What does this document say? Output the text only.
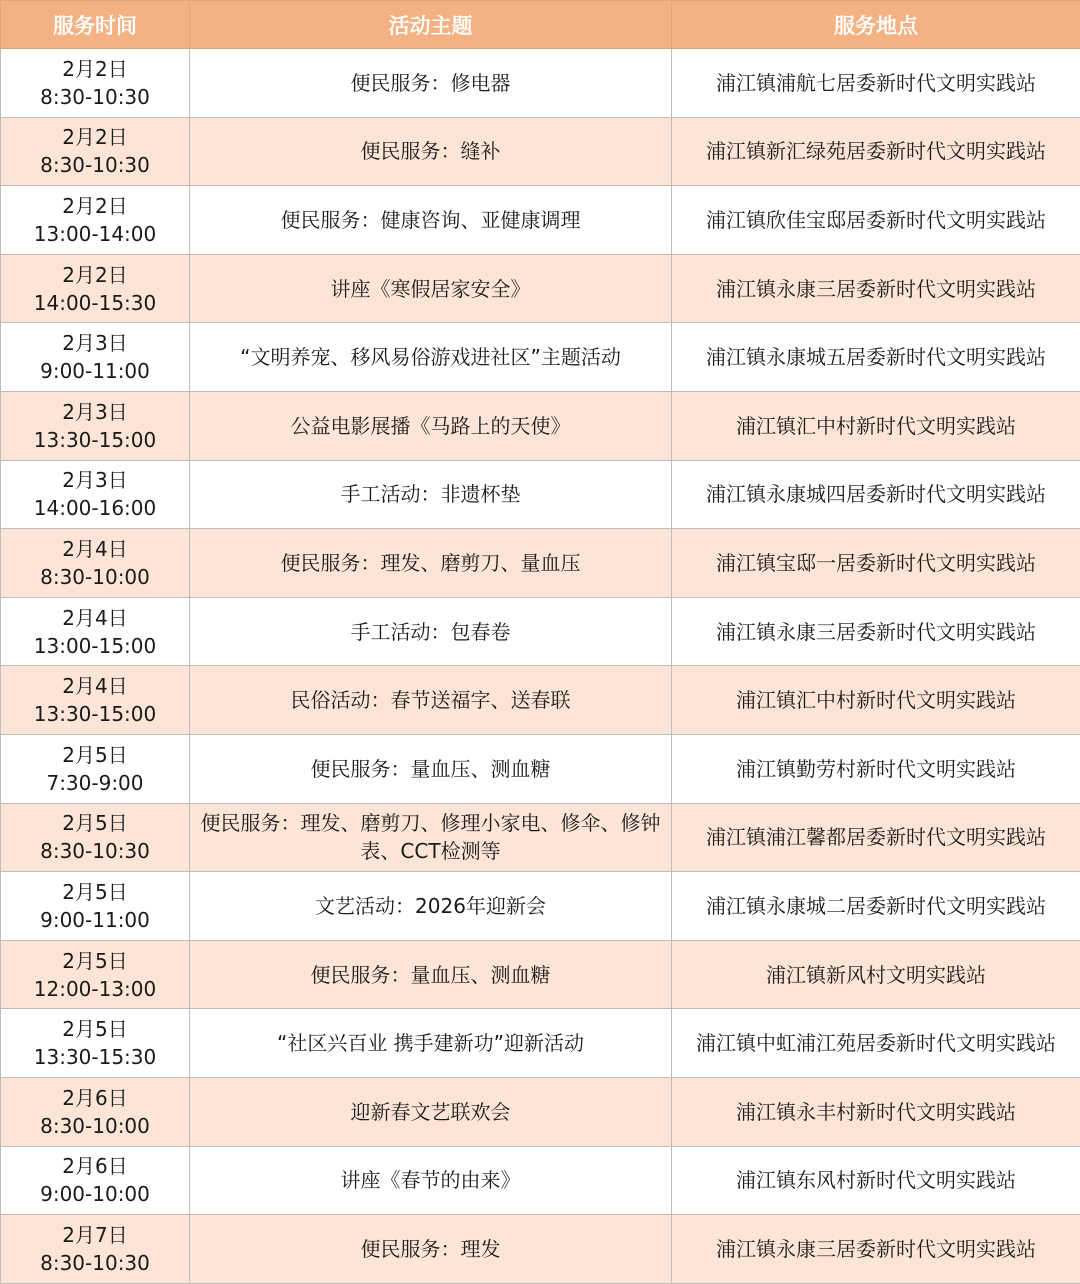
服务时间	活动主题	服务地点

2月2日
8:30-10:30	便民服务：修电器	浦江镇浦航七居委新时代文明实践站

2月2日
8:30-10:30	便民服务：缝补	浦江镇新汇绿苑居委新时代文明实践站

2月2日
13:00-14:00	便民服务：健康咨询、亚健康调理	浦江镇欣佳宝邸居委新时代文明实践站

2月2日
14:00-15:30	讲座《寒假居家安全》	浦江镇永康三居委新时代文明实践站

2月3日
9:00-11:00	“文明养宠、移风易俗游戏进社区”主题活动	浦江镇永康城五居委新时代文明实践站

2月3日
13:30-15:00	公益电影展播《马路上的天使》	浦江镇汇中村新时代文明实践站

2月3日
14:00-16:00	手工活动：非遗杯垫	浦江镇永康城四居委新时代文明实践站

2月4日
8:30-10:00	便民服务：理发、磨剪刀、量血压	浦江镇宝邸一居委新时代文明实践站

2月4日
13:00-15:00	手工活动：包春卷	浦江镇永康三居委新时代文明实践站

2月4日
13:30-15:00	民俗活动：春节送福字、送春联	浦江镇汇中村新时代文明实践站

2月5日
7:30-9:00	便民服务：量血压、测血糖	浦江镇勤劳村新时代文明实践站

2月5日
8:30-10:30	便民服务：理发、磨剪刀、修理小家电、修伞、修钟表、CCT检测等	浦江镇浦江馨都居委新时代文明实践站

2月5日
9:00-11:00	文艺活动：2026年迎新会	浦江镇永康城二居委新时代文明实践站

2月5日
12:00-13:00	便民服务：量血压、测血糖	浦江镇新风村文明实践站

2月5日
13:30-15:30	“社区兴百业 携手建新功”迎新活动	浦江镇中虹浦江苑居委新时代文明实践站

2月6日
8:30-10:00	迎新春文艺联欢会	浦江镇永丰村新时代文明实践站

2月6日
9:00-10:00	讲座《春节的由来》	浦江镇东风村新时代文明实践站

2月7日
8:30-10:30	便民服务：理发	浦江镇永康三居委新时代文明实践站
